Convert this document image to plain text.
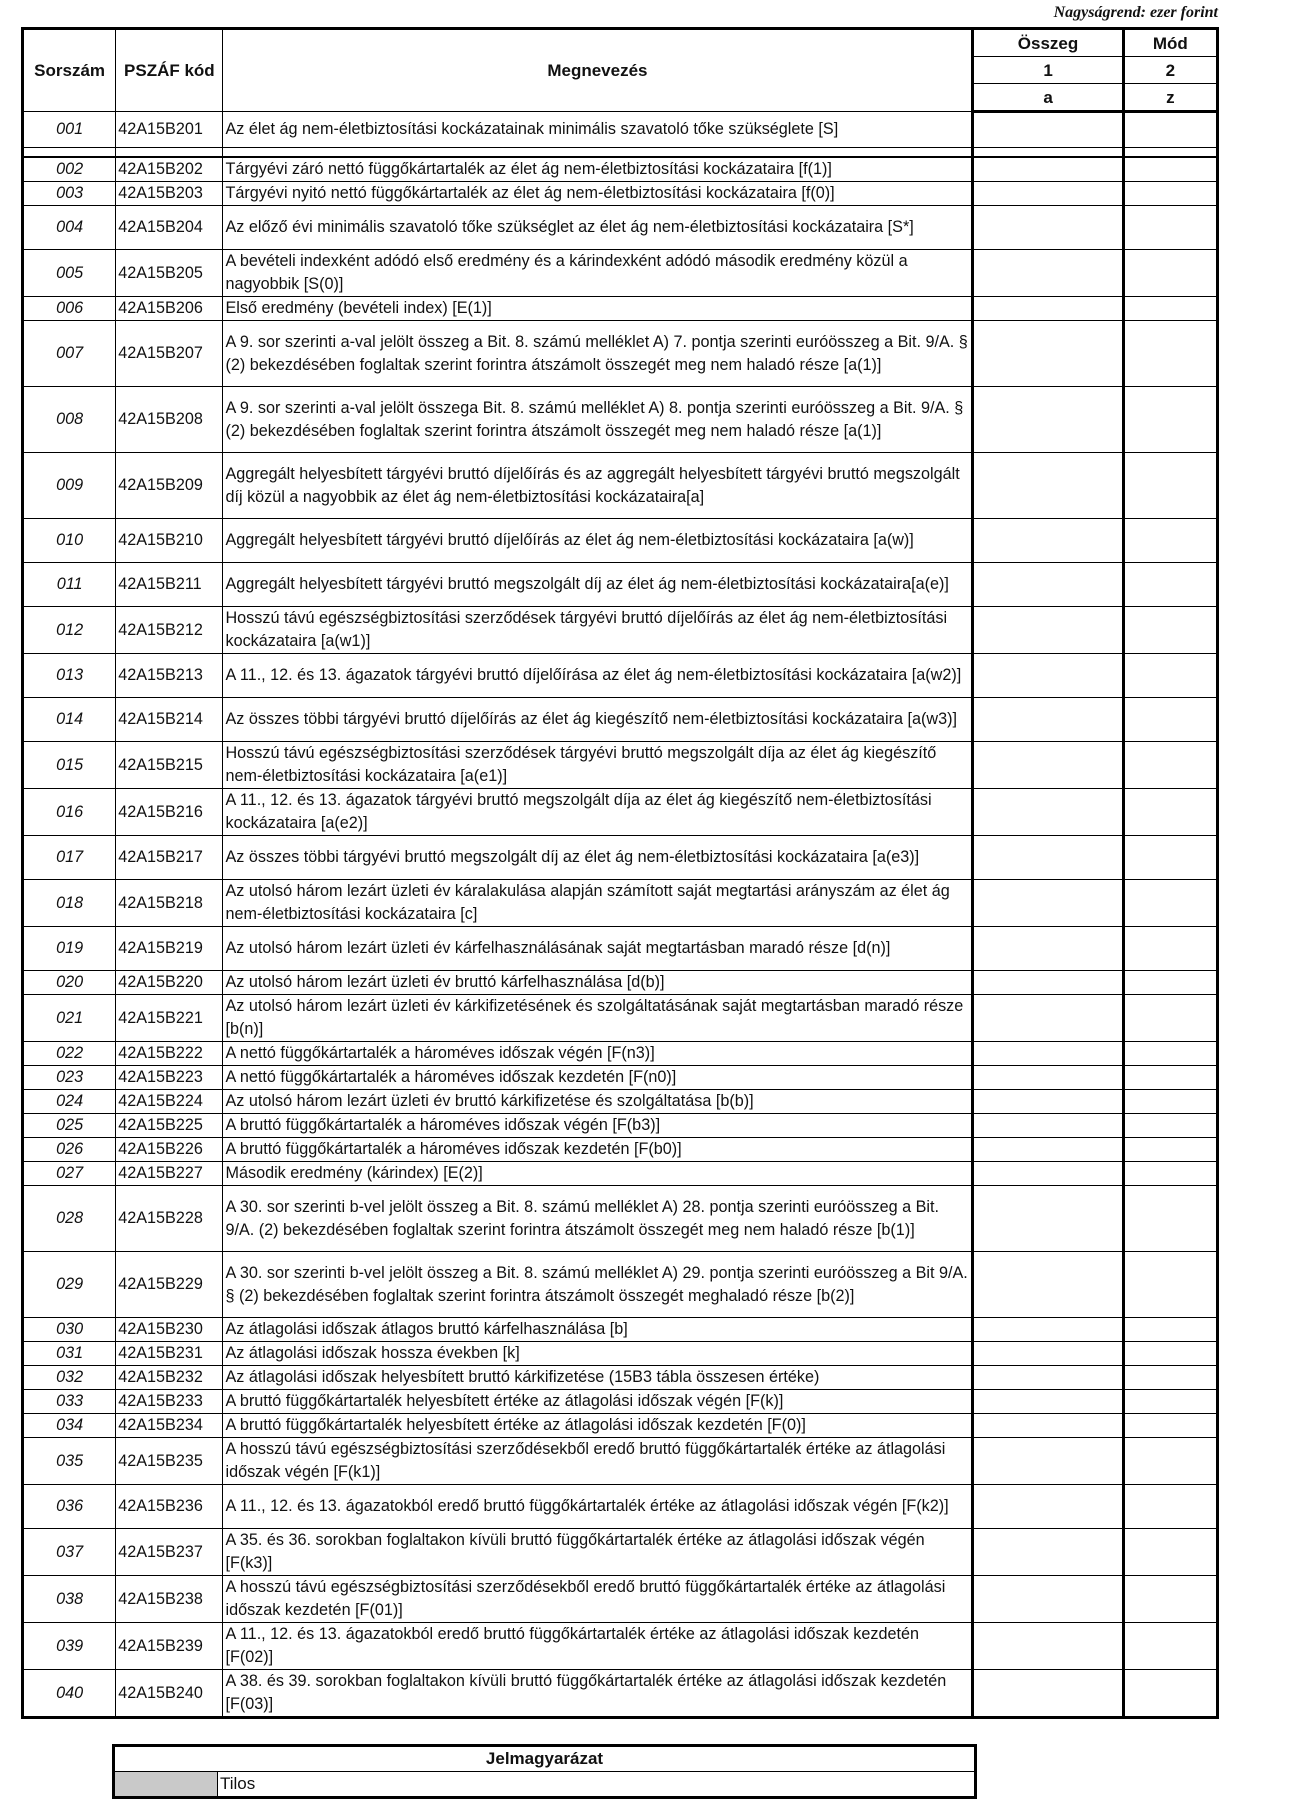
Nagyságrend: ezer forint
Sorszám	PSZÁF kód	Megnevezés	Összeg	Mód
			1	2
			a	z
001	42A15B201	Az élet ág nem-életbiztosítási kockázatainak minimális szavatoló tőke szükséglete [S]		

002	42A15B202	Tárgyévi záró nettó függőkártartalék az élet ág nem-életbiztosítási kockázataira [f(1)]		
003	42A15B203	Tárgyévi nyitó nettó függőkártartalék az élet ág nem-életbiztosítási kockázataira [f(0)]		
004	42A15B204	Az előző évi minimális szavatoló tőke szükséglet az élet ág nem-életbiztosítási kockázataira [S*]		
005	42A15B205	A bevételi indexként adódó első eredmény és a kárindexként adódó második eredmény közül a nagyobbik [S(0)]		
006	42A15B206	Első eredmény (bevételi index) [E(1)]		
007	42A15B207	A 9. sor szerinti a-val jelölt összeg a Bit. 8. számú melléklet A) 7. pontja szerinti euróösszeg a Bit. 9/A. § (2) bekezdésében foglaltak szerint forintra átszámolt összegét meg nem haladó része [a(1)]		
008	42A15B208	A 9. sor szerinti a-val jelölt összega Bit. 8. számú melléklet A) 8. pontja szerinti euróösszeg a Bit. 9/A. § (2) bekezdésében foglaltak szerint forintra átszámolt összegét meg nem haladó része [a(1)]		
009	42A15B209	Aggregált helyesbített tárgyévi bruttó díjelőírás és az aggregált helyesbített tárgyévi bruttó megszolgált díj közül a nagyobbik az élet ág nem-életbiztosítási kockázataira[a]		
010	42A15B210	Aggregált helyesbített tárgyévi bruttó díjelőírás az élet ág nem-életbiztosítási kockázataira [a(w)]		
011	42A15B211	Aggregált helyesbített tárgyévi bruttó megszolgált díj az élet ág nem-életbiztosítási kockázataira[a(e)]		
012	42A15B212	Hosszú távú egészségbiztosítási szerződések tárgyévi bruttó díjelőírás az élet ág nem-életbiztosítási kockázataira [a(w1)]		
013	42A15B213	A 11., 12. és 13. ágazatok tárgyévi bruttó díjelőírása az élet ág nem-életbiztosítási kockázataira [a(w2)]		
014	42A15B214	Az összes többi tárgyévi bruttó díjelőírás az élet ág kiegészítő nem-életbiztosítási kockázataira [a(w3)]		
015	42A15B215	Hosszú távú egészségbiztosítási szerződések tárgyévi bruttó megszolgált díja az élet ág kiegészítő nem-életbiztosítási kockázataira [a(e1)]		
016	42A15B216	A 11., 12. és 13. ágazatok tárgyévi bruttó megszolgált díja az élet ág kiegészítő nem-életbiztosítási kockázataira [a(e2)]		
017	42A15B217	Az összes többi tárgyévi bruttó megszolgált díj az élet ág nem-életbiztosítási kockázataira [a(e3)]		
018	42A15B218	Az utolsó három lezárt üzleti év káralakulása alapján számított saját megtartási arányszám az élet ág nem-életbiztosítási kockázataira [c]		
019	42A15B219	Az utolsó három lezárt üzleti év kárfelhasználásának saját megtartásban maradó része [d(n)]		
020	42A15B220	Az utolsó három lezárt üzleti év bruttó kárfelhasználása [d(b)]		
021	42A15B221	Az utolsó három lezárt üzleti év kárkifizetésének és szolgáltatásának saját megtartásban maradó része [b(n)]		
022	42A15B222	A nettó függőkártartalék a hároméves időszak végén [F(n3)]		
023	42A15B223	A nettó függőkártartalék a hároméves időszak kezdetén [F(n0)]		
024	42A15B224	Az utolsó három lezárt üzleti év bruttó kárkifizetése és szolgáltatása [b(b)]		
025	42A15B225	A bruttó függőkártartalék a hároméves időszak végén [F(b3)]		
026	42A15B226	A bruttó függőkártartalék a hároméves időszak kezdetén [F(b0)]		
027	42A15B227	Második eredmény (kárindex) [E(2)]		
028	42A15B228	A 30. sor szerinti b-vel jelölt összeg a Bit. 8. számú melléklet A) 28. pontja szerinti euróösszeg a Bit. 9/A. (2) bekezdésében foglaltak szerint forintra átszámolt összegét meg nem haladó része [b(1)]		
029	42A15B229	A 30. sor szerinti b-vel jelölt összeg a Bit. 8. számú melléklet A) 29. pontja szerinti euróösszeg a Bit 9/A. § (2) bekezdésében foglaltak szerint forintra átszámolt összegét meghaladó része [b(2)]		
030	42A15B230	Az átlagolási időszak átlagos bruttó kárfelhasználása [b]		
031	42A15B231	Az átlagolási időszak hossza években [k]		
032	42A15B232	Az átlagolási időszak helyesbített bruttó kárkifizetése (15B3 tábla összesen értéke)		
033	42A15B233	A bruttó függőkártartalék helyesbített értéke az átlagolási időszak végén [F(k)]		
034	42A15B234	A bruttó függőkártartalék helyesbített értéke az átlagolási időszak kezdetén [F(0)]		
035	42A15B235	A hosszú távú egészségbiztosítási szerződésekből eredő bruttó függőkártartalék értéke az átlagolási időszak végén [F(k1)]		
036	42A15B236	A 11., 12. és 13. ágazatokból eredő bruttó függőkártartalék értéke az átlagolási időszak végén [F(k2)]		
037	42A15B237	A 35. és 36. sorokban foglaltakon kívüli bruttó függőkártartalék értéke az átlagolási időszak végén [F(k3)]		
038	42A15B238	A hosszú távú egészségbiztosítási szerződésekből eredő bruttó függőkártartalék értéke az átlagolási időszak kezdetén [F(01)]		
039	42A15B239	A 11., 12. és 13. ágazatokból eredő bruttó függőkártartalék értéke az átlagolási időszak kezdetén [F(02)]		
040	42A15B240	A 38. és 39. sorokban foglaltakon kívüli bruttó függőkártartalék értéke az átlagolási időszak kezdetén [F(03)]		
Jelmagyarázat
	Tilos
